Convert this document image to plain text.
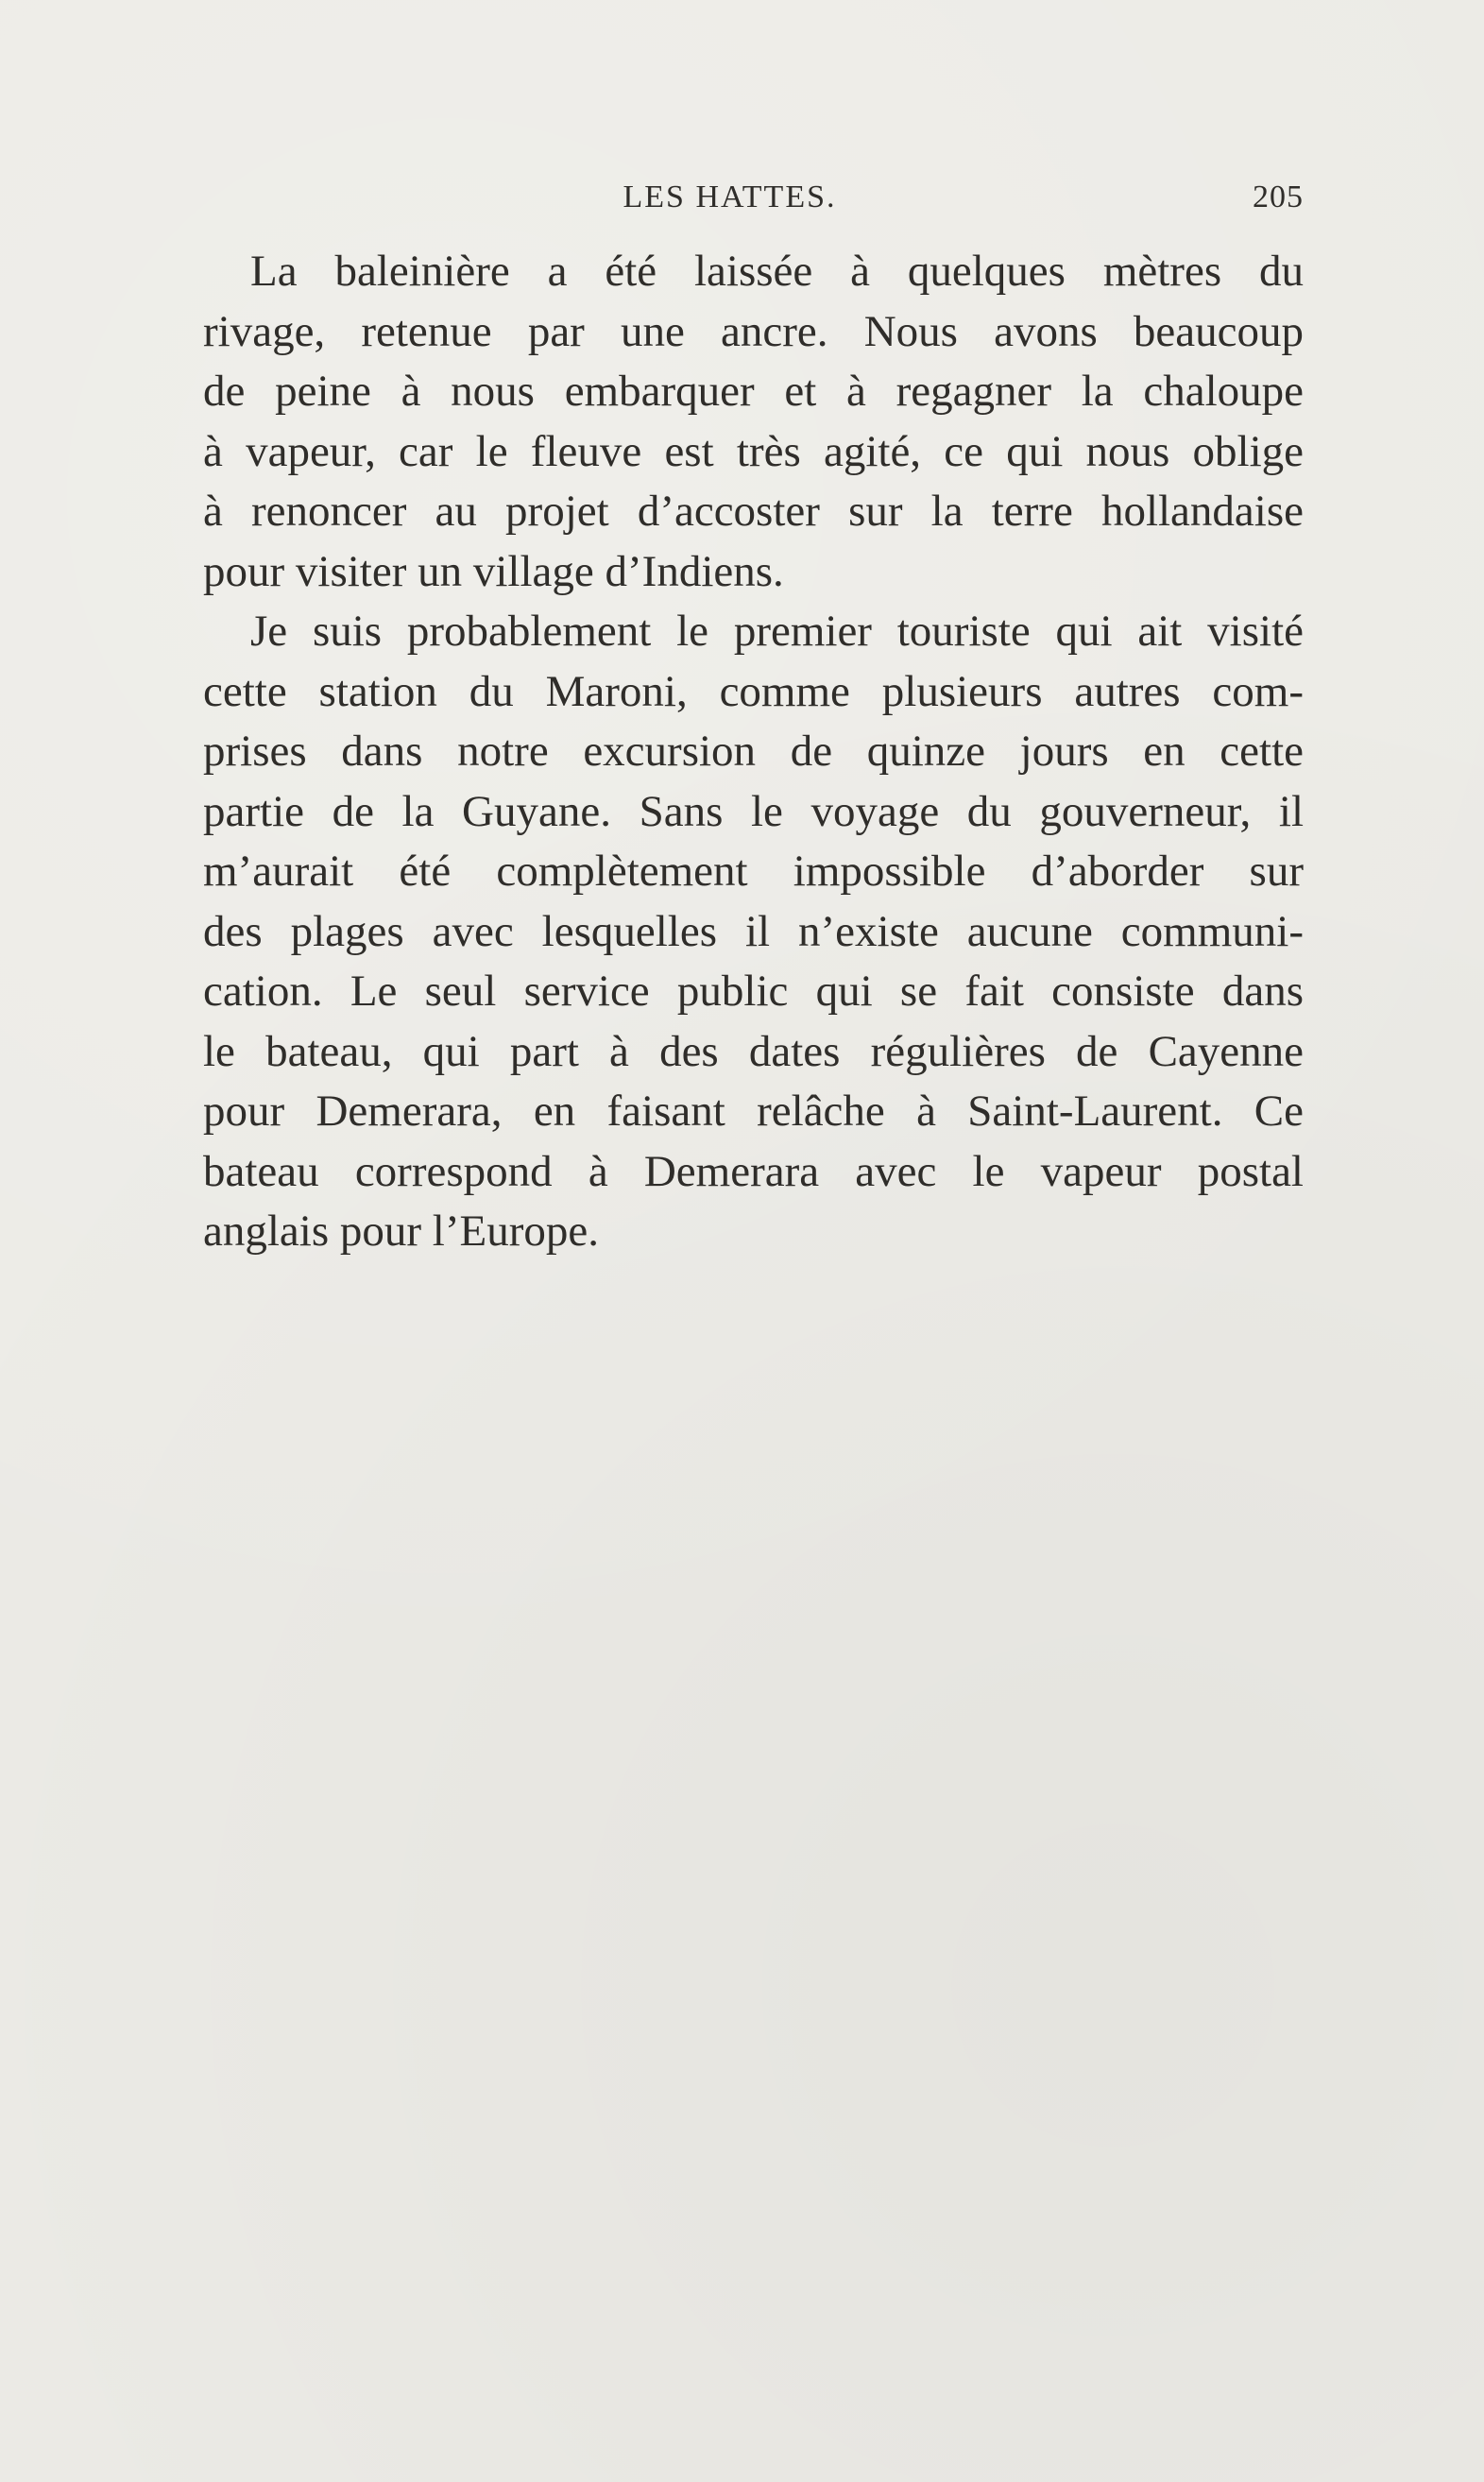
LES HATTES.	205

La baleinière a été laissée à quelques mètres du
rivage, retenue par une ancre. Nous avons beaucoup
de peine à nous embarquer et à regagner la chaloupe
à vapeur, car le fleuve est très agité, ce qui nous oblige
à renoncer au projet d’accoster sur la terre hollandaise
pour visiter un village d’Indiens.

Je suis probablement le premier touriste qui ait visité
cette station du Maroni, comme plusieurs autres com-
prises dans notre excursion de quinze jours en cette
partie de la Guyane. Sans le voyage du gouverneur, il
m’aurait été complètement impossible d’aborder sur
des plages avec lesquelles il n’existe aucune communi-
cation. Le seul service public qui se fait consiste dans
le bateau, qui part à des dates régulières de Cayenne
pour Demerara, en faisant relâche à Saint-Laurent. Ce
bateau correspond à Demerara avec le vapeur postal
anglais pour l’Europe.
